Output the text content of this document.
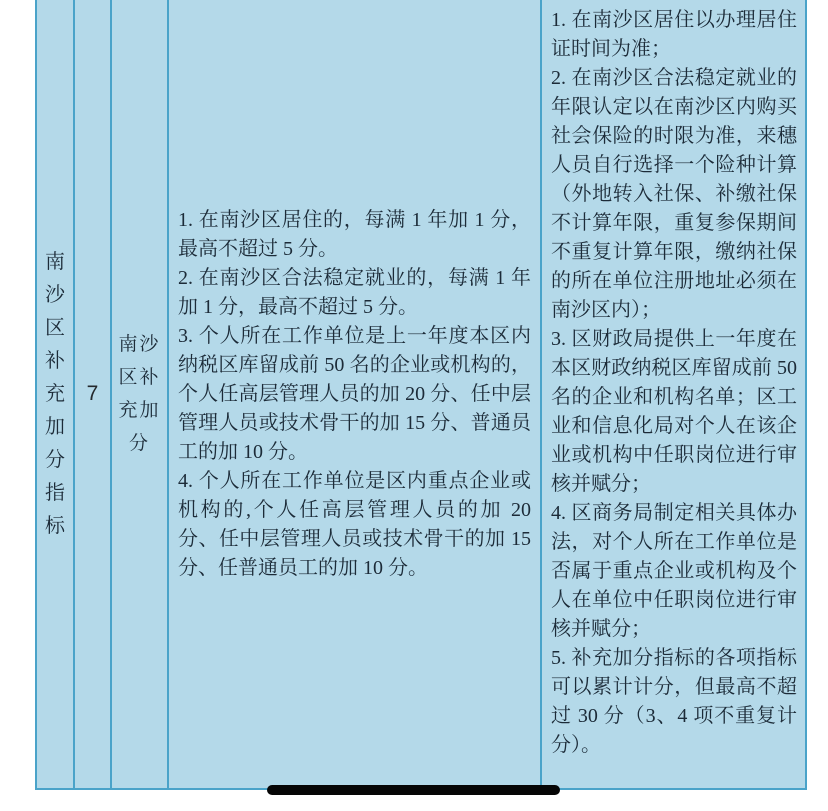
南沙区补充加分指标
7
南沙区补充加分

1. 在南沙区居住的，每满 1 年加 1 分，最高不超过 5 分。

2. 在南沙区合法稳定就业的，每满 1 年加 1 分，最高不超过 5 分。

3. 个人所在工作单位是上一年度本区内纳税区库留成前 50 名的企业或机构的，个人任高层管理人员的加 20 分、任中层管理人员或技术骨干的加 15 分、普通员工的加 10 分。

4. 个人所在工作单位是区内重点企业或机构的,个人任高层管理人员的加 20 分、任中层管理人员或技术骨干的加 15 分、任普通员工的加 10 分。

1. 在南沙区居住以办理居住证时间为准；

2. 在南沙区合法稳定就业的年限认定以在南沙区内购买社会保险的时限为准，来穗人员自行选择一个险种计算（外地转入社保、补缴社保不计算年限，重复参保期间不重复计算年限，缴纳社保的所在单位注册地址必须在南沙区内）；

3. 区财政局提供上一年度在本区财政纳税区库留成前 50 名的企业和机构名单；区工业和信息化局对个人在该企业或机构中任职岗位进行审核并赋分；

4. 区商务局制定相关具体办法，对个人所在工作单位是否属于重点企业或机构及个人在单位中任职岗位进行审核并赋分；

5. 补充加分指标的各项指标可以累计计分，但最高不超过 30 分（3、4 项不重复计分）。
